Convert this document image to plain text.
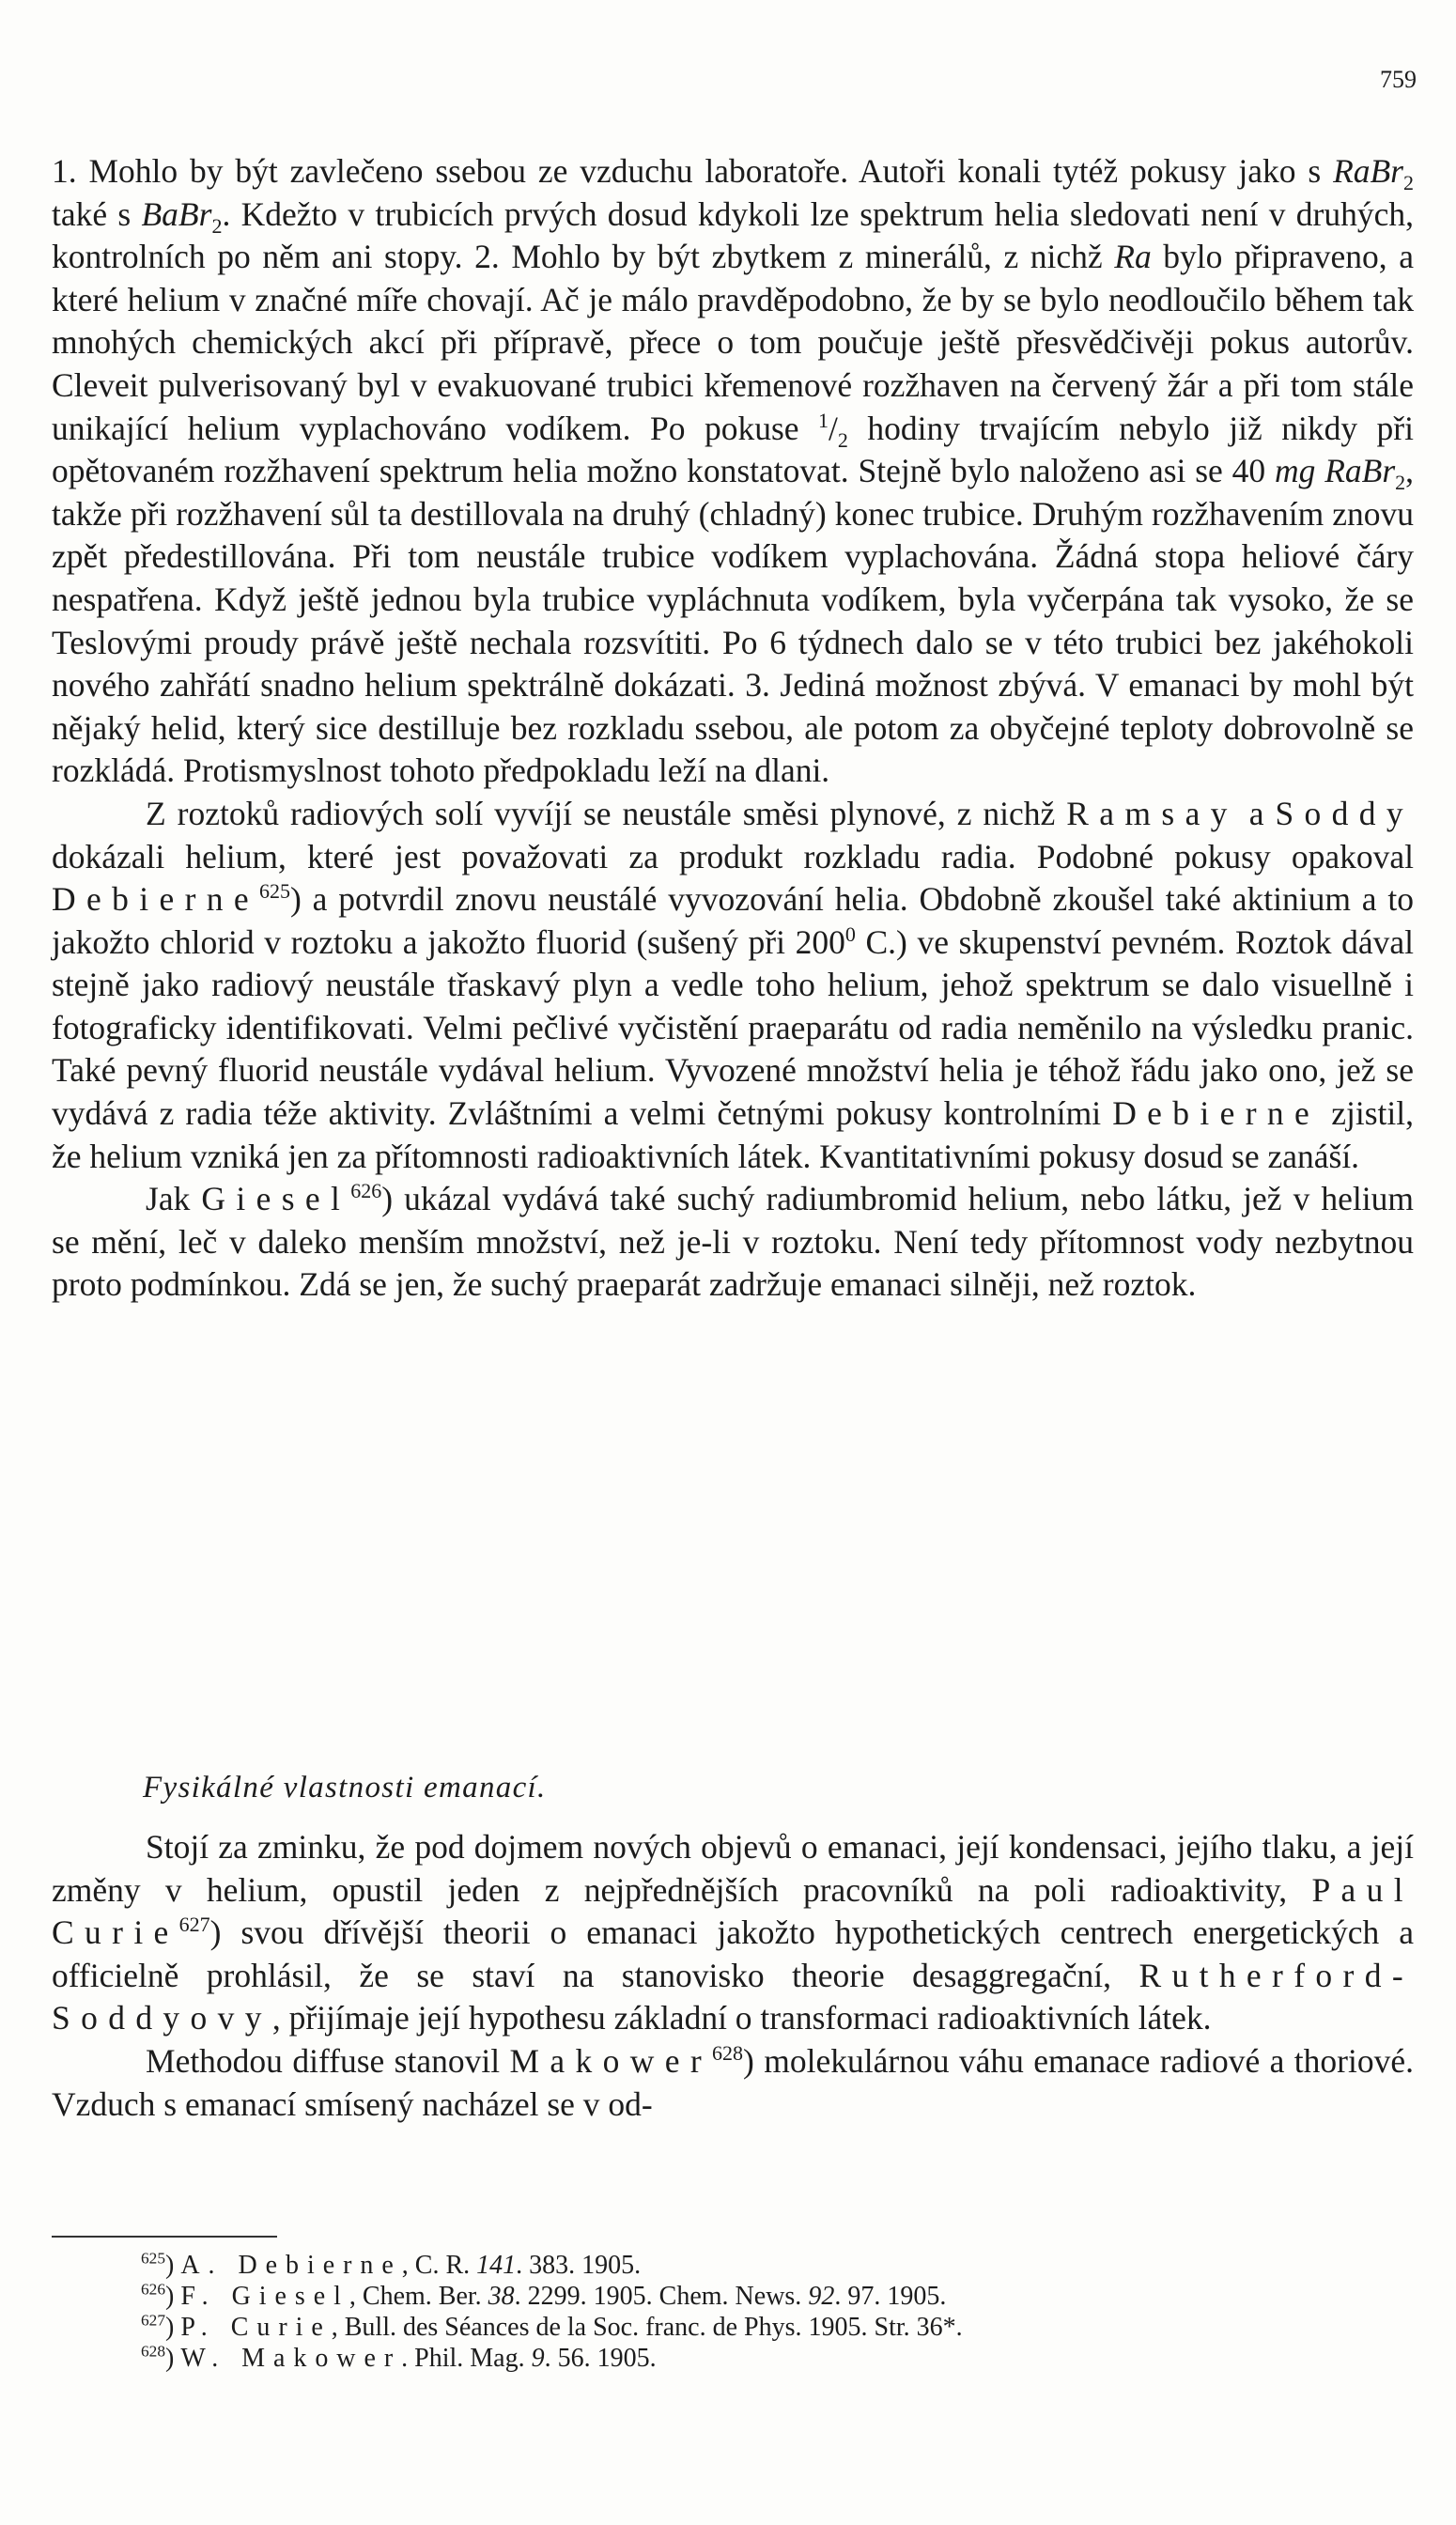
759

1. Mohlo by být zavlečeno ssebou ze vzduchu laboratoře. Autoři konali tytéž pokusy jako s RaBr$_2$ také s BaBr$_2$. Kdežto v trubicích prvých dosud kdykoli lze spektrum helia sledovati není v druhých, kontrolních po něm ani stopy. 2. Mohlo by být zbytkem z minerálů, z nichž Ra bylo připraveno, a které helium v značné míře chovají. Ač je málo pravděpodobno, že by se bylo neodloučilo během tak mnohých chemických akcí při přípravě, přece o tom poučuje ještě přesvědčivěji pokus autorův. Cleveit pulverisovaný byl v evakuované trubici křemenové rozžhaven na červený žár a při tom stále unikající helium vyplachováno vodíkem. Po pokuse $^1/_2$ hodiny trvajícím nebylo již nikdy při opětovaném rozžhavení spektrum helia možno konstatovat. Stejně bylo naloženo asi se 40 mg RaBr$_2$, takže při rozžhavení sůl ta destillovala na druhý (chladný) konec trubice. Druhým rozžhavením znovu zpět předestillována. Při tom neustále trubice vodíkem vyplachována. Žádná stopa heliové čáry nespatřena. Když ještě jednou byla trubice vypláchnuta vodíkem, byla vyčerpána tak vysoko, že se Teslovými proudy právě ještě nechala rozsvítiti. Po 6 týdnech dalo se v této trubici bez jakéhokoli nového zahřátí snadno helium spektrálně dokázati. 3. Jediná možnost zbývá. V emanaci by mohl být nějaký helid, který sice destilluje bez rozkladu ssebou, ale potom za obyčejné teploty dobrovolně se rozkládá. Protismyslnost tohoto předpokladu leží na dlani.

Z roztoků radiových solí vyvíjí se neustále směsi plynové, z nichž Ramsay a Soddy dokázali helium, které jest považovati za produkt rozkladu radia. Podobné pokusy opakoval Debierne$^{625}$) a potvrdil znovu neustálé vyvozování helia. Obdobně zkoušel také aktinium a to jakožto chlorid v roztoku a jakožto fluorid (sušený při $200^0$ C.) ve skupenství pevném. Roztok dával stejně jako radiový neustále třaskavý plyn a vedle toho helium, jehož spektrum se dalo visuellně i fotograficky identifikovati. Velmi pečlivé vyčistění praeparátu od radia neměnilo na výsledku pranic. Také pevný fluorid neustále vydával helium. Vyvozené množství helia je téhož řádu jako ono, jež se vydává z radia téže aktivity. Zvláštními a velmi četnými pokusy kontrolními Debierne zjistil, že helium vzniká jen za přítomnosti radioaktivních látek. Kvantitativními pokusy dosud se zanáší.

Jak Giesel$^{626}$) ukázal vydává také suchý radiumbromid helium, nebo látku, jež v helium se mění, leč v daleko menším množství, než je-li v roztoku. Není tedy přítomnost vody nezbytnou proto podmínkou. Zdá se jen, že suchý praeparát zadržuje emanaci silněji, než roztok.

Fysikálné vlastnosti emanací.

Stojí za zminku, že pod dojmem nových objevů o emanaci, její kondensaci, jejího tlaku, a její změny v helium, opustil jeden z nejpřednějších pracovníků na poli radioaktivity, Paul Curie$^{627}$) svou dřívější theorii o emanaci jakožto hypothetických centrech energetických a officielně prohlásil, že se staví na stanovisko theorie desaggregační, Rutherford-Soddyovy, přijímaje její hypothesu základní o transformaci radioaktivních látek.

Methodou diffuse stanovil Makower$^{628}$) molekulárnou váhu emanace radiové a thoriové. Vzduch s emanací smísený nacházel se v od-

$^{625}$) A. Debierne, C. R. 141. 383. 1905.
$^{626}$) F. Giesel, Chem. Ber. 38. 2299. 1905. Chem. News. 92. 97. 1905.
$^{627}$) P. Curie, Bull. des Séances de la Soc. franc. de Phys. 1905. Str. 36*.
$^{628}$) W. Makower. Phil. Mag. 9. 56. 1905.
